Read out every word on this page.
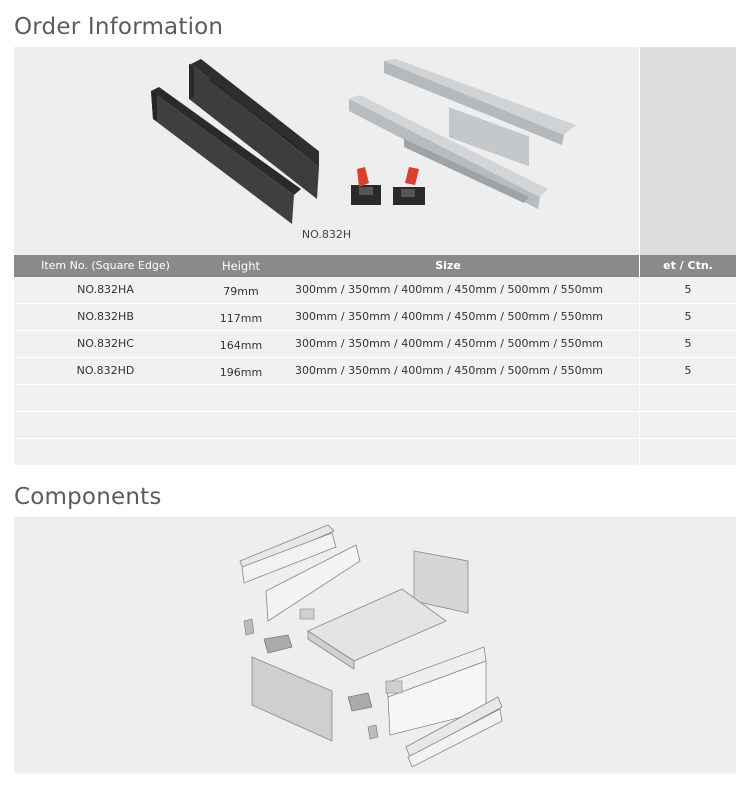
Order Information
NO.832H
Item No. (Square Edge)	Height	Size	et / Ctn.
NO.832HA	79mm	300mm / 350mm / 400mm / 450mm / 500mm / 550mm	5
NO.832HB	117mm	300mm / 350mm / 400mm / 450mm / 500mm / 550mm	5
NO.832HC	164mm	300mm / 350mm / 400mm / 450mm / 500mm / 550mm	5
NO.832HD	196mm	300mm / 350mm / 400mm / 450mm / 500mm / 550mm	5
Components
